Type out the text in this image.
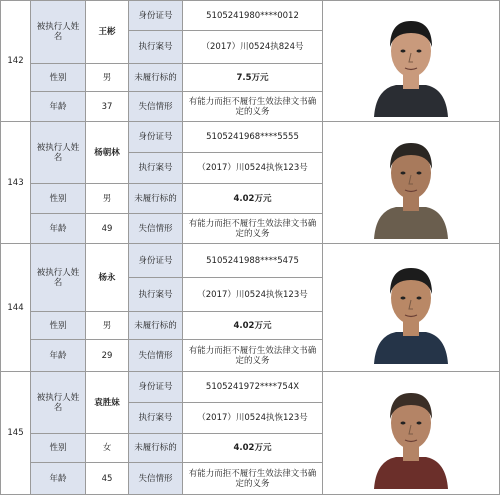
142	被执行人姓名	王彬	身份证号	5105241980****0012	

			执行案号	（2017）川0524执824号	
	性别	男	未履行标的	7.5万元	
	年龄	37	失信情形	有能力而拒不履行生效法律文书确定的义务	
143	被执行人姓名	杨朝林	身份证号	5105241968****5555	

			执行案号	（2017）川0524执恢123号	
	性别	男	未履行标的	4.02万元	
	年龄	49	失信情形	有能力而拒不履行生效法律文书确定的义务	
144	被执行人姓名	杨永	身份证号	5105241988****5475	

			执行案号	（2017）川0524执恢123号	
	性别	男	未履行标的	4.02万元	
	年龄	29	失信情形	有能力而拒不履行生效法律文书确定的义务	
145	被执行人姓名	袁胜妹	身份证号	5105241972****754X	

			执行案号	（2017）川0524执恢123号	
	性别	女	未履行标的	4.02万元	
	年龄	45	失信情形	有能力而拒不履行生效法律文书确定的义务	
